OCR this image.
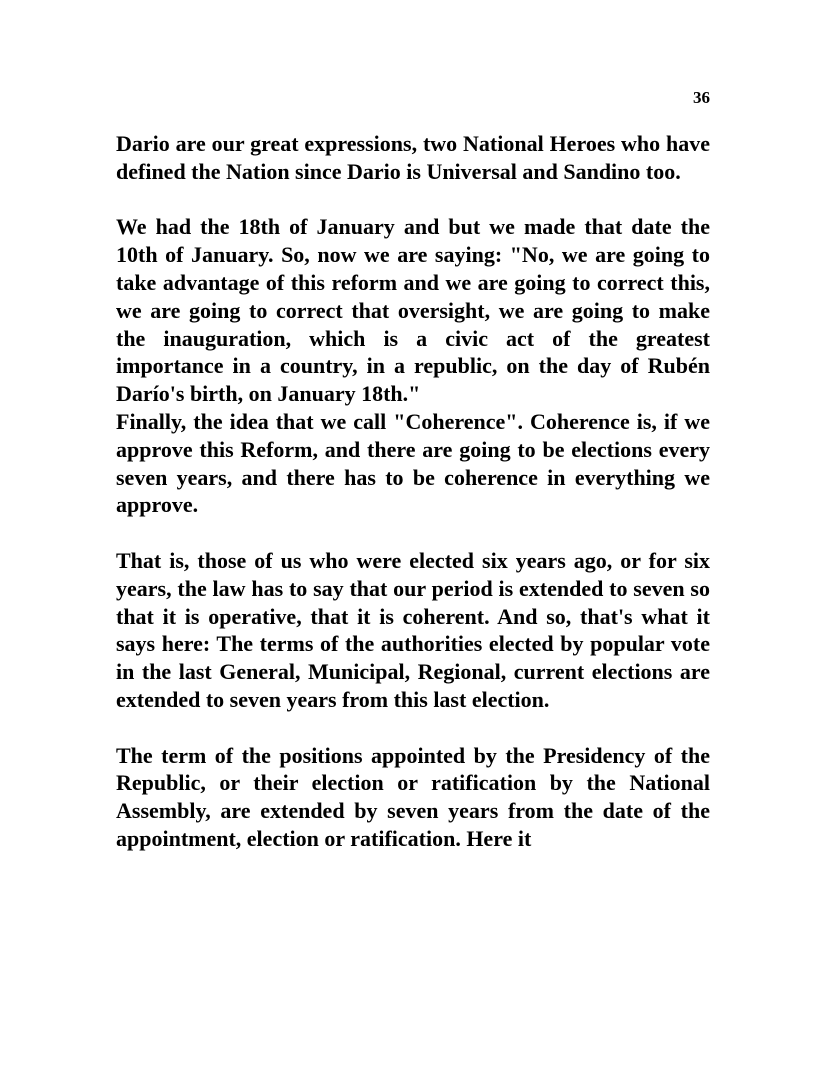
36

Dario are our great expressions, two National Heroes who have defined the Nation since Dario is Universal and Sandino too.

We had the 18th of January and but we made that date the 10th of January. So, now we are saying: "No, we are going to take advantage of this reform and we are going to correct this, we are going to correct that oversight, we are going to make the inauguration, which is a civic act of the greatest importance in a country, in a republic, on the day of Rubén Darío's birth, on January 18th."

Finally, the idea that we call "Coherence". Coherence is, if we approve this Reform, and there are going to be elections every seven years, and there has to be coherence in everything we approve.

That is, those of us who were elected six years ago, or for six years, the law has to say that our period is extended to seven so that it is operative, that it is coherent. And so, that's what it says here: The terms of the authorities elected by popular vote in the last General, Municipal, Regional, current elections are extended to seven years from this last election.

The term of the positions appointed by the Presidency of the Republic, or their election or ratification by the National Assembly, are extended by seven years from the date of the appointment, election or ratification. Here it
